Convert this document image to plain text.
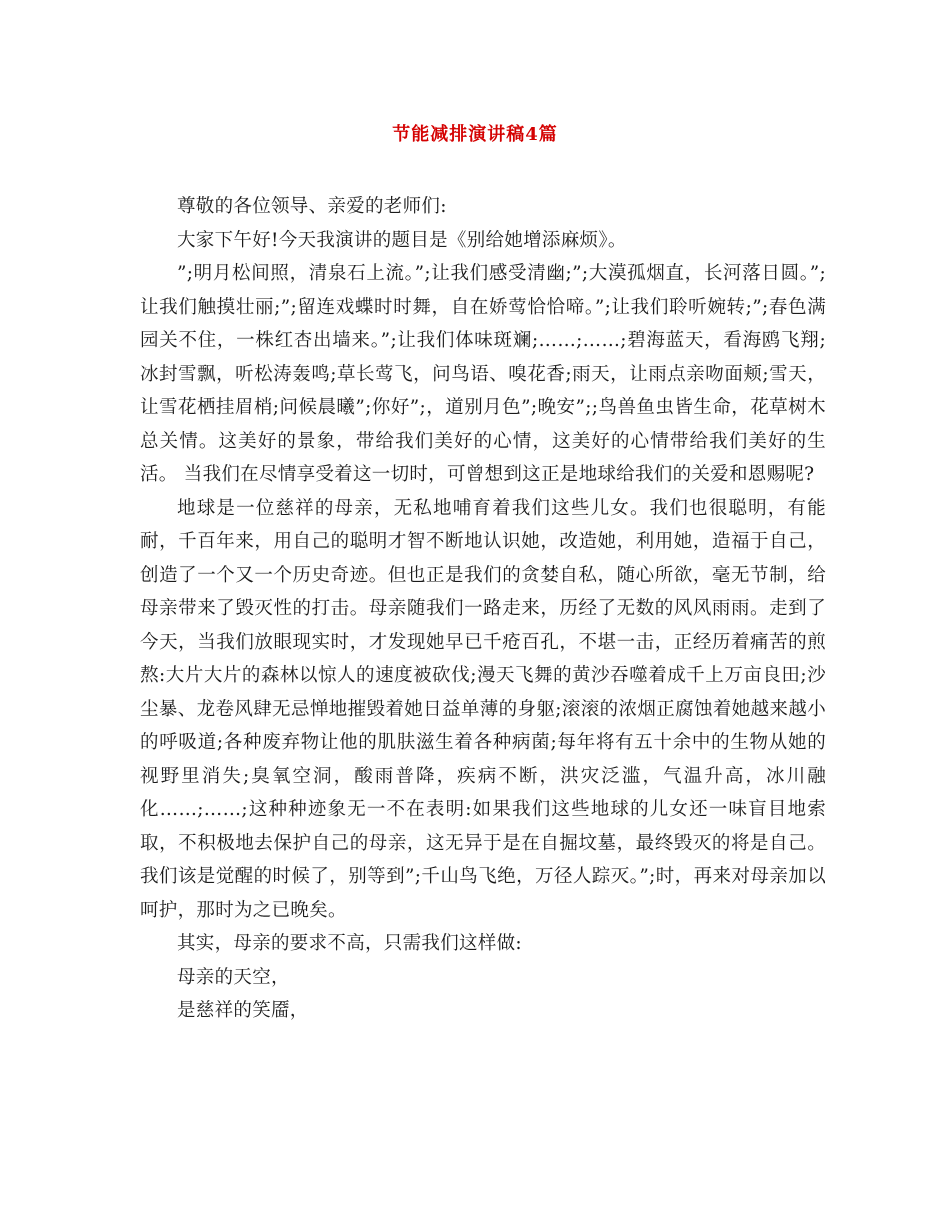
节能减排演讲稿4篇

尊敬的各位领导、亲爱的老师们:

大家下午好!今天我演讲的题目是《别给她增添麻烦》。

”;明月松间照，清泉石上流。”;让我们感受清幽;”;大漠孤烟直，长河落日圆。”;让我们触摸壮丽;”;留连戏蝶时时舞，自在娇莺恰恰啼。”;让我们聆听婉转;”;春色满园关不住，一株红杏出墙来。”;让我们体味斑斓;……;……;碧海蓝天，看海鸥飞翔;冰封雪飘，听松涛轰鸣;草长莺飞，问鸟语、嗅花香;雨天，让雨点亲吻面颊;雪天，让雪花栖挂眉梢;问候晨曦”;你好”;，道别月色”;晚安”;;鸟兽鱼虫皆生命，花草树木总关情。这美好的景象，带给我们美好的心情，这美好的心情带给我们美好的生活。 当我们在尽情享受着这一切时，可曾想到这正是地球给我们的关爱和恩赐呢?

地球是一位慈祥的母亲，无私地哺育着我们这些儿女。我们也很聪明，有能耐，千百年来，用自己的聪明才智不断地认识她，改造她，利用她，造福于自己，创造了一个又一个历史奇迹。但也正是我们的贪婪自私，随心所欲，毫无节制，给母亲带来了毁灭性的打击。母亲随我们一路走来，历经了无数的风风雨雨。走到了今天，当我们放眼现实时，才发现她早已千疮百孔，不堪一击，正经历着痛苦的煎熬:大片大片的森林以惊人的速度被砍伐;漫天飞舞的黄沙吞噬着成千上万亩良田;沙尘暴、龙卷风肆无忌惮地摧毁着她日益单薄的身躯;滚滚的浓烟正腐蚀着她越来越小的呼吸道;各种废弃物让他的肌肤滋生着各种病菌;每年将有五十余中的生物从她的视野里消失;臭氧空洞，酸雨普降，疾病不断，洪灾泛滥，气温升高，冰川融化……;……;这种种迹象无一不在表明:如果我们这些地球的儿女还一味盲目地索取，不积极地去保护自己的母亲，这无异于是在自掘坟墓，最终毁灭的将是自己。我们该是觉醒的时候了，别等到”;千山鸟飞绝，万径人踪灭。”;时，再来对母亲加以呵护，那时为之已晚矣。

其实，母亲的要求不高，只需我们这样做:

母亲的天空，

是慈祥的笑靥，
